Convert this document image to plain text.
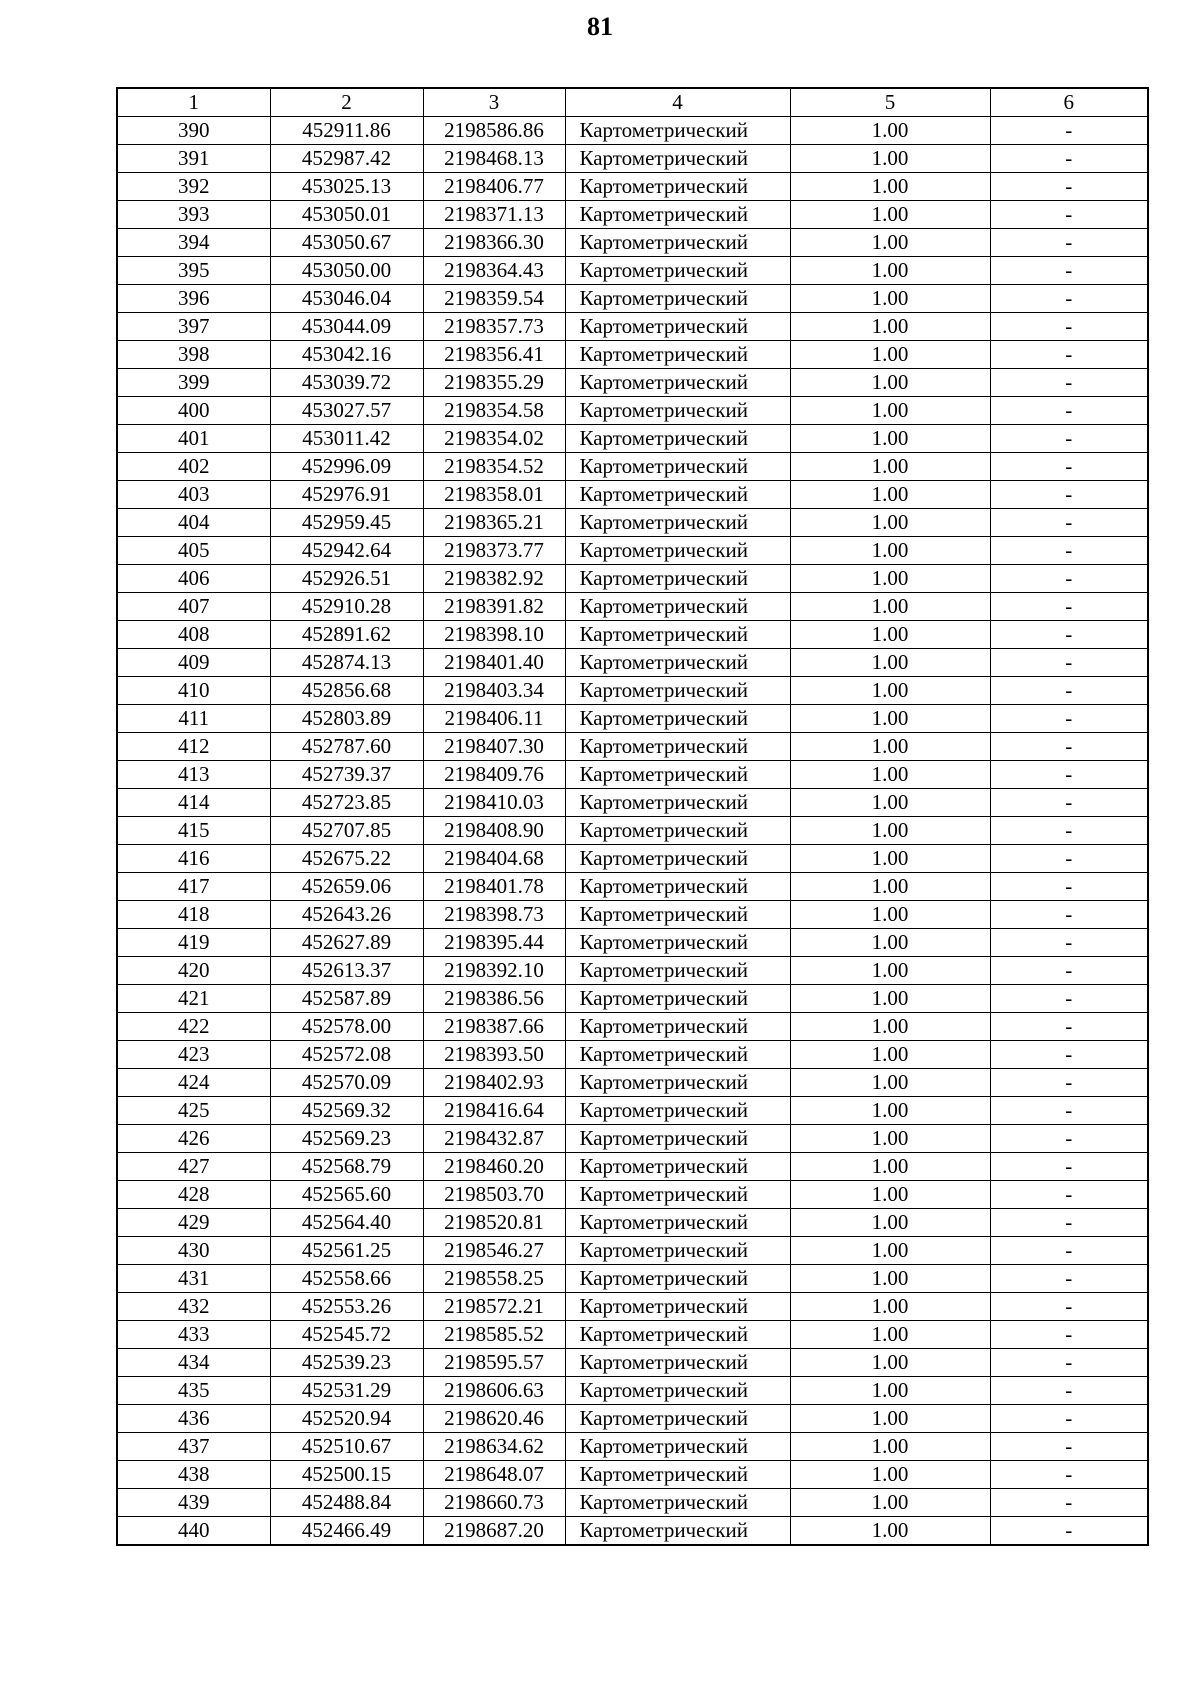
81
1	2	3	4	5	6
390	452911.86	2198586.86	Картометрический	1.00	-
391	452987.42	2198468.13	Картометрический	1.00	-
392	453025.13	2198406.77	Картометрический	1.00	-
393	453050.01	2198371.13	Картометрический	1.00	-
394	453050.67	2198366.30	Картометрический	1.00	-
395	453050.00	2198364.43	Картометрический	1.00	-
396	453046.04	2198359.54	Картометрический	1.00	-
397	453044.09	2198357.73	Картометрический	1.00	-
398	453042.16	2198356.41	Картометрический	1.00	-
399	453039.72	2198355.29	Картометрический	1.00	-
400	453027.57	2198354.58	Картометрический	1.00	-
401	453011.42	2198354.02	Картометрический	1.00	-
402	452996.09	2198354.52	Картометрический	1.00	-
403	452976.91	2198358.01	Картометрический	1.00	-
404	452959.45	2198365.21	Картометрический	1.00	-
405	452942.64	2198373.77	Картометрический	1.00	-
406	452926.51	2198382.92	Картометрический	1.00	-
407	452910.28	2198391.82	Картометрический	1.00	-
408	452891.62	2198398.10	Картометрический	1.00	-
409	452874.13	2198401.40	Картометрический	1.00	-
410	452856.68	2198403.34	Картометрический	1.00	-
411	452803.89	2198406.11	Картометрический	1.00	-
412	452787.60	2198407.30	Картометрический	1.00	-
413	452739.37	2198409.76	Картометрический	1.00	-
414	452723.85	2198410.03	Картометрический	1.00	-
415	452707.85	2198408.90	Картометрический	1.00	-
416	452675.22	2198404.68	Картометрический	1.00	-
417	452659.06	2198401.78	Картометрический	1.00	-
418	452643.26	2198398.73	Картометрический	1.00	-
419	452627.89	2198395.44	Картометрический	1.00	-
420	452613.37	2198392.10	Картометрический	1.00	-
421	452587.89	2198386.56	Картометрический	1.00	-
422	452578.00	2198387.66	Картометрический	1.00	-
423	452572.08	2198393.50	Картометрический	1.00	-
424	452570.09	2198402.93	Картометрический	1.00	-
425	452569.32	2198416.64	Картометрический	1.00	-
426	452569.23	2198432.87	Картометрический	1.00	-
427	452568.79	2198460.20	Картометрический	1.00	-
428	452565.60	2198503.70	Картометрический	1.00	-
429	452564.40	2198520.81	Картометрический	1.00	-
430	452561.25	2198546.27	Картометрический	1.00	-
431	452558.66	2198558.25	Картометрический	1.00	-
432	452553.26	2198572.21	Картометрический	1.00	-
433	452545.72	2198585.52	Картометрический	1.00	-
434	452539.23	2198595.57	Картометрический	1.00	-
435	452531.29	2198606.63	Картометрический	1.00	-
436	452520.94	2198620.46	Картометрический	1.00	-
437	452510.67	2198634.62	Картометрический	1.00	-
438	452500.15	2198648.07	Картометрический	1.00	-
439	452488.84	2198660.73	Картометрический	1.00	-
440	452466.49	2198687.20	Картометрический	1.00	-
